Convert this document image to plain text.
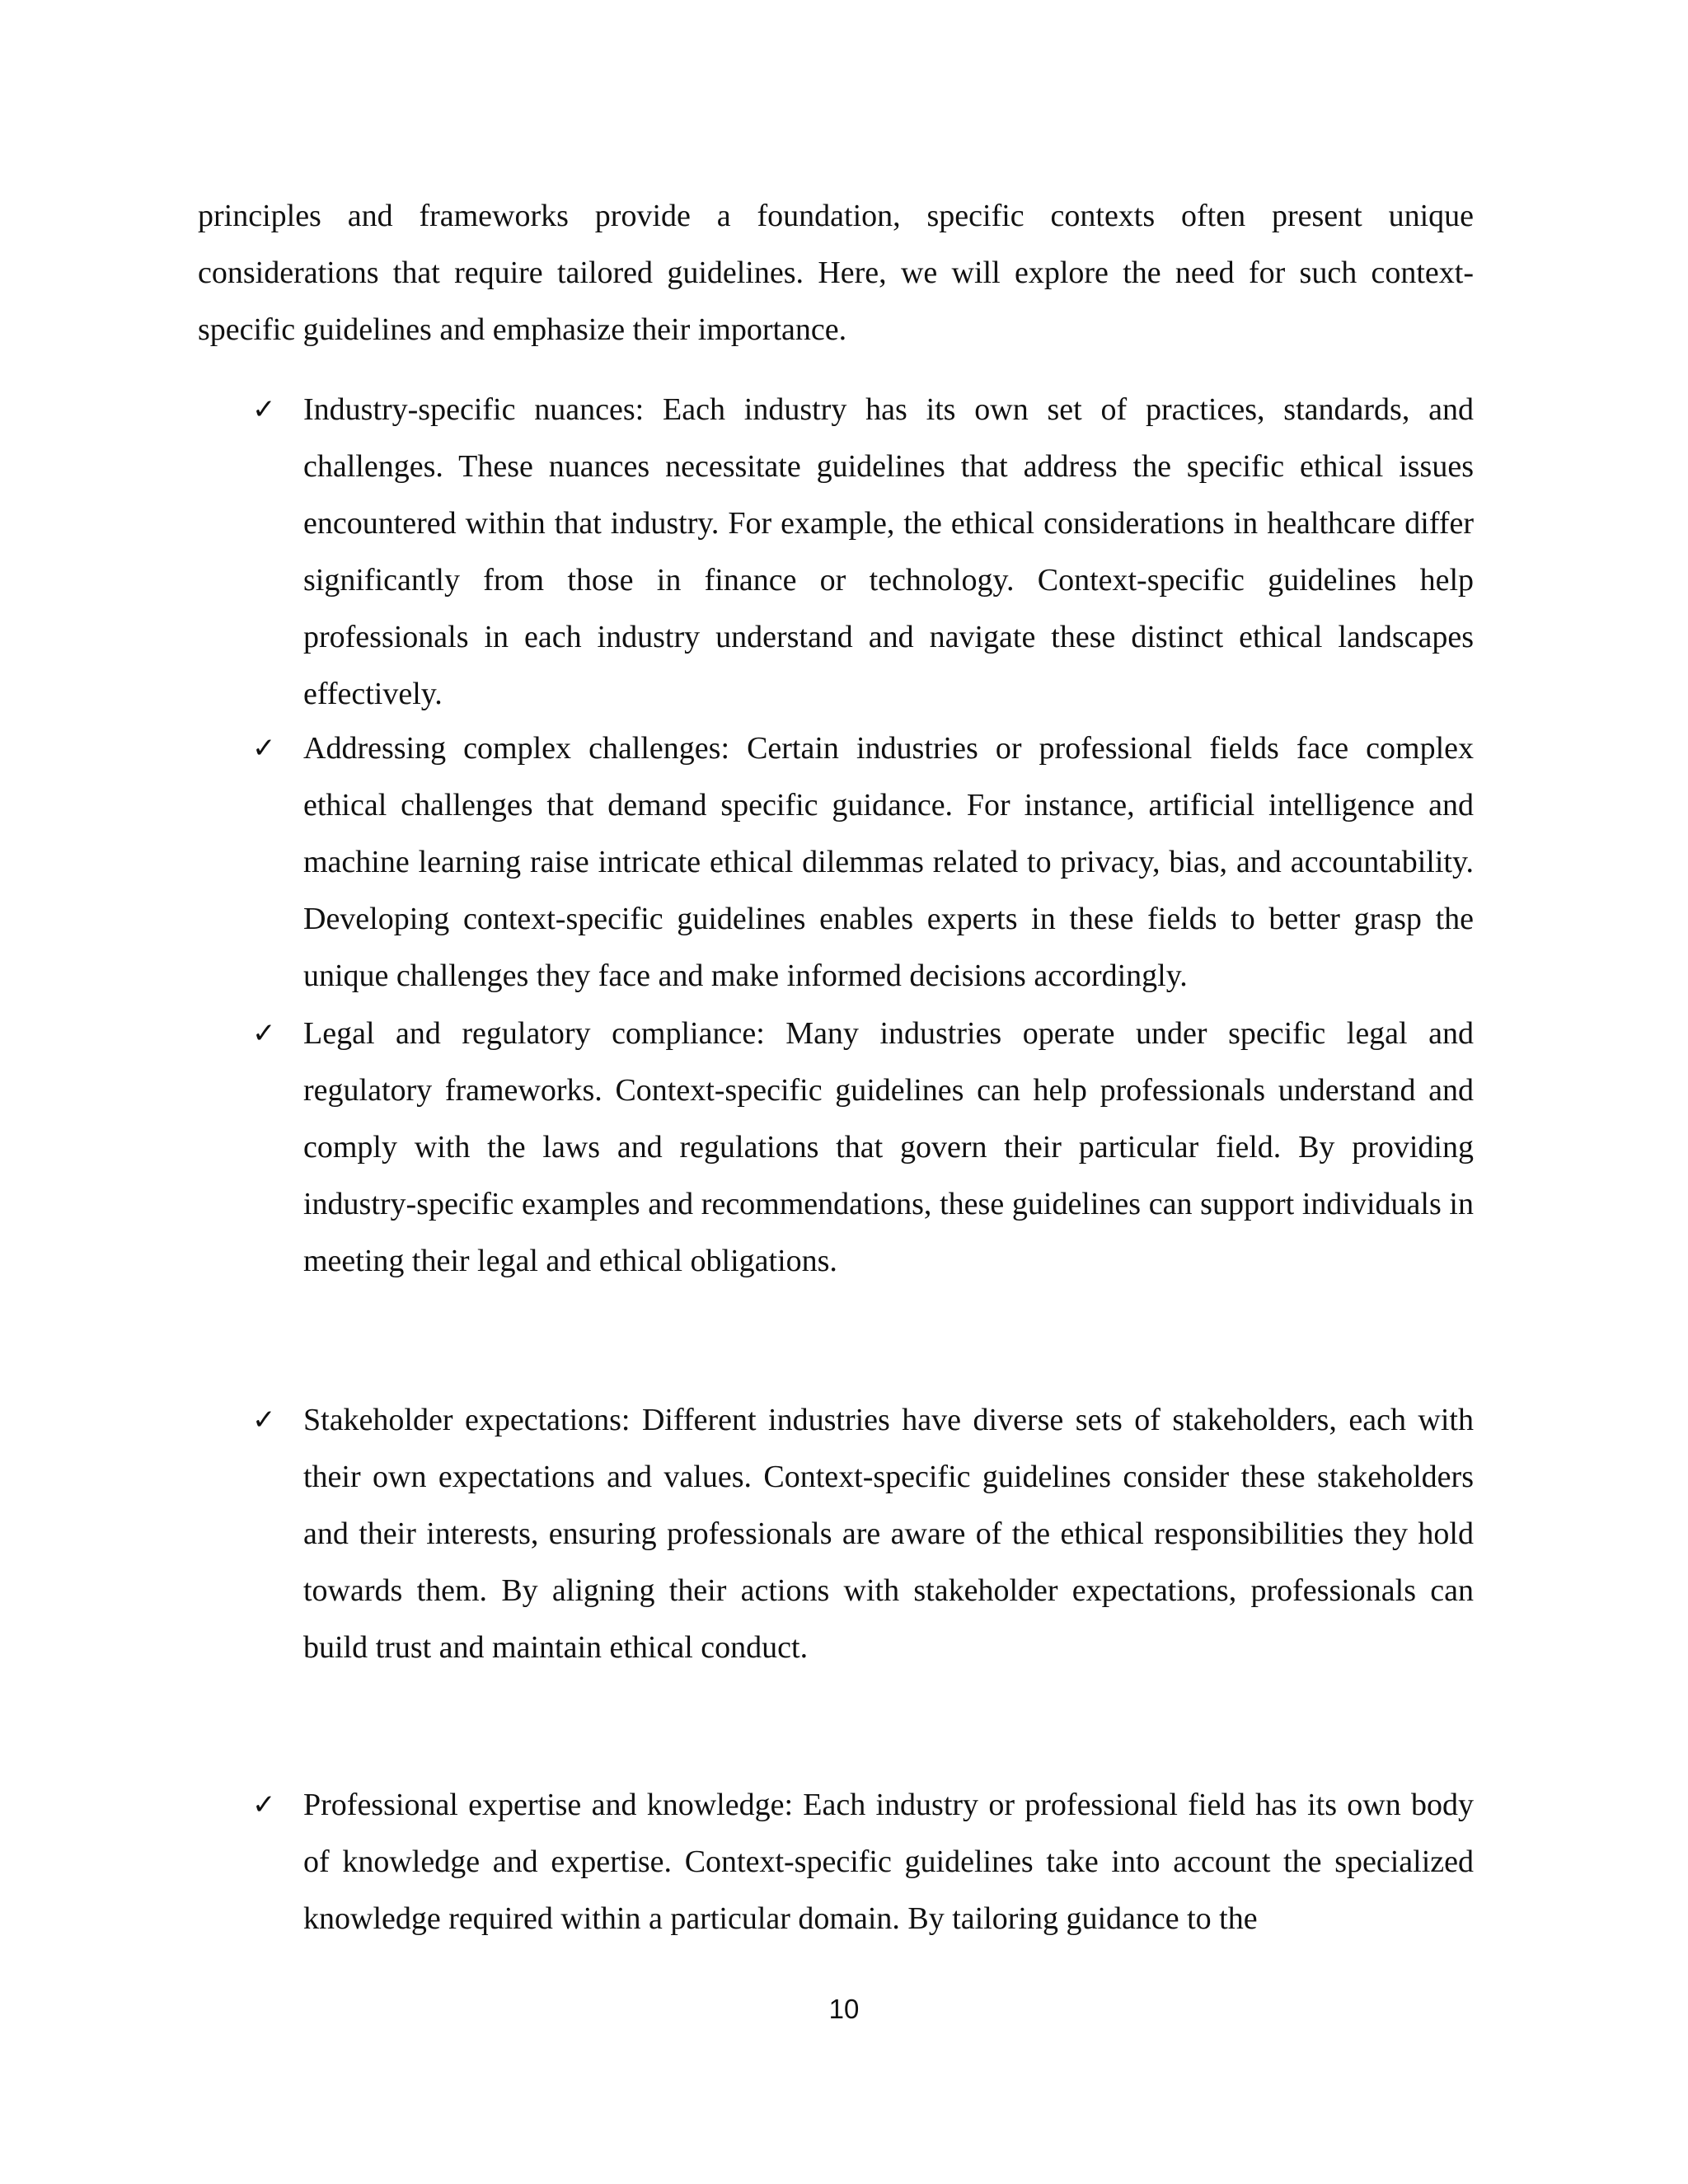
principles and frameworks provide a foundation, specific contexts often present unique considerations that require tailored guidelines. Here, we will explore the need for such context-specific guidelines and emphasize their importance.

✓ Industry-specific nuances: Each industry has its own set of practices, standards, and challenges. These nuances necessitate guidelines that address the specific ethical issues encountered within that industry. For example, the ethical considerations in healthcare differ significantly from those in finance or technology. Context-specific guidelines help professionals in each industry understand and navigate these distinct ethical landscapes effectively.
✓ Addressing complex challenges: Certain industries or professional fields face complex ethical challenges that demand specific guidance. For instance, artificial intelligence and machine learning raise intricate ethical dilemmas related to privacy, bias, and accountability. Developing context-specific guidelines enables experts in these fields to better grasp the unique challenges they face and make informed decisions accordingly.
✓ Legal and regulatory compliance: Many industries operate under specific legal and regulatory frameworks. Context-specific guidelines can help professionals understand and comply with the laws and regulations that govern their particular field. By providing industry-specific examples and recommendations, these guidelines can support individuals in meeting their legal and ethical obligations.
✓ Stakeholder expectations: Different industries have diverse sets of stakeholders, each with their own expectations and values. Context-specific guidelines consider these stakeholders and their interests, ensuring professionals are aware of the ethical responsibilities they hold towards them. By aligning their actions with stakeholder expectations, professionals can build trust and maintain ethical conduct.
✓ Professional expertise and knowledge: Each industry or professional field has its own body of knowledge and expertise. Context-specific guidelines take into account the specialized knowledge required within a particular domain. By tailoring guidance to the
10
